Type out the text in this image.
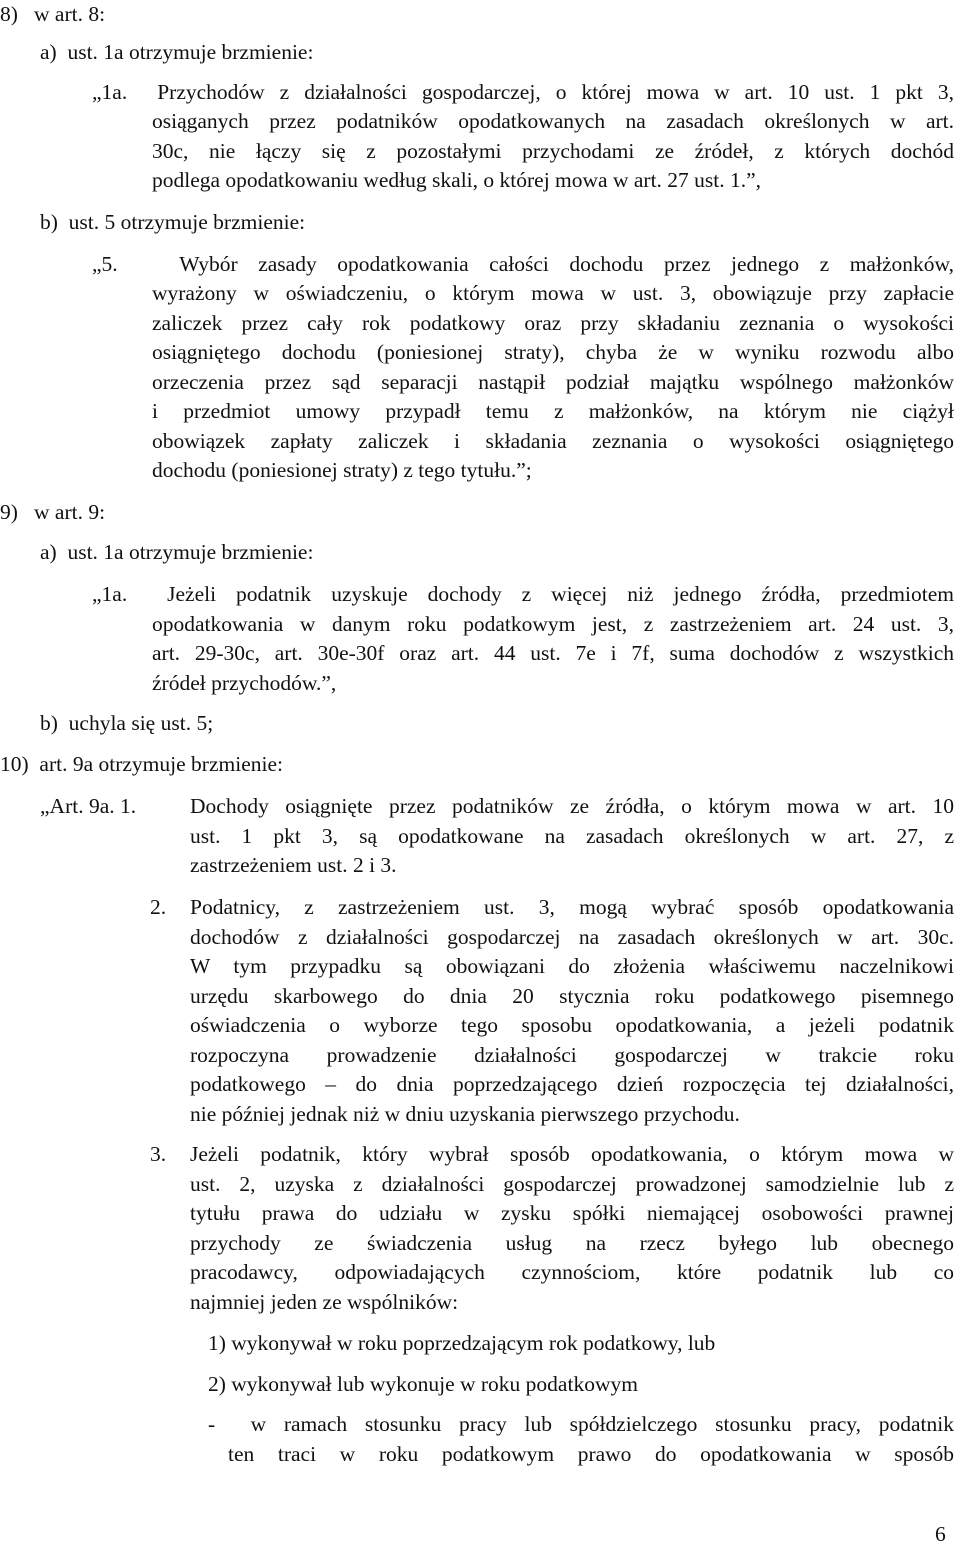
8)   w art. 8:
a)  ust. 1a otrzymuje brzmienie:
„1a.  Przychodów z działalności gospodarczej, o której mowa w art. 10 ust. 1 pkt 3,
osiąganych przez podatników opodatkowanych na zasadach określonych w art.
30c, nie łączy się z pozostałymi przychodami ze źródeł, z których dochód
podlega opodatkowaniu według skali, o której mowa w art. 27 ust. 1.”,
b)  ust. 5 otrzymuje brzmienie:
„5.   Wybór zasady opodatkowania całości dochodu przez jednego z małżonków,
wyrażony w oświadczeniu, o którym mowa w ust. 3, obowiązuje przy zapłacie
zaliczek przez cały rok podatkowy oraz przy składaniu zeznania o wysokości
osiągniętego dochodu (poniesionej straty), chyba że w wyniku rozwodu albo
orzeczenia przez sąd separacji nastąpił podział majątku wspólnego małżonków
i przedmiot umowy przypadł temu z małżonków, na którym nie ciążył
obowiązek zapłaty zaliczek i składania zeznania o wysokości osiągniętego
dochodu (poniesionej straty) z tego tytułu.”;
9)   w art. 9:
a)  ust. 1a otrzymuje brzmienie:
„1a.  Jeżeli podatnik uzyskuje dochody z więcej niż jednego źródła, przedmiotem
opodatkowania w danym roku podatkowym jest, z zastrzeżeniem art. 24 ust. 3,
art. 29-30c, art. 30e-30f oraz art. 44 ust. 7e i 7f, suma dochodów z wszystkich
źródeł przychodów.”,
b)  uchyla się ust. 5;
10)  art. 9a otrzymuje brzmienie:
„Art. 9a. 1.	Dochody osiągnięte przez podatników ze źródła, o którym mowa w art. 10
ust. 1 pkt 3, są opodatkowane na zasadach określonych w art. 27, z
zastrzeżeniem ust. 2 i 3.
2. Podatnicy, z zastrzeżeniem ust. 3, mogą wybrać sposób opodatkowania
dochodów z działalności gospodarczej na zasadach określonych w art. 30c.
W tym przypadku są obowiązani do złożenia właściwemu naczelnikowi
urzędu skarbowego do dnia 20 stycznia roku podatkowego pisemnego
oświadczenia o wyborze tego sposobu opodatkowania, a jeżeli podatnik
rozpoczyna prowadzenie działalności gospodarczej w trakcie roku
podatkowego – do dnia poprzedzającego dzień rozpoczęcia tej działalności,
nie później jednak niż w dniu uzyskania pierwszego przychodu.
3. Jeżeli podatnik, który wybrał sposób opodatkowania, o którym mowa w
ust. 2, uzyska z działalności gospodarczej prowadzonej samodzielnie lub z
tytułu prawa do udziału w zysku spółki niemającej osobowości prawnej
przychody ze świadczenia usług na rzecz byłego lub obecnego
pracodawcy, odpowiadających czynnościom, które podatnik lub co
najmniej jeden ze wspólników:
1) wykonywał w roku poprzedzającym rok podatkowy, lub
2) wykonywał lub wykonuje w roku podatkowym
-  w ramach stosunku pracy lub spółdzielczego stosunku pracy, podatnik
ten traci w roku podatkowym prawo do opodatkowania w sposób
6
